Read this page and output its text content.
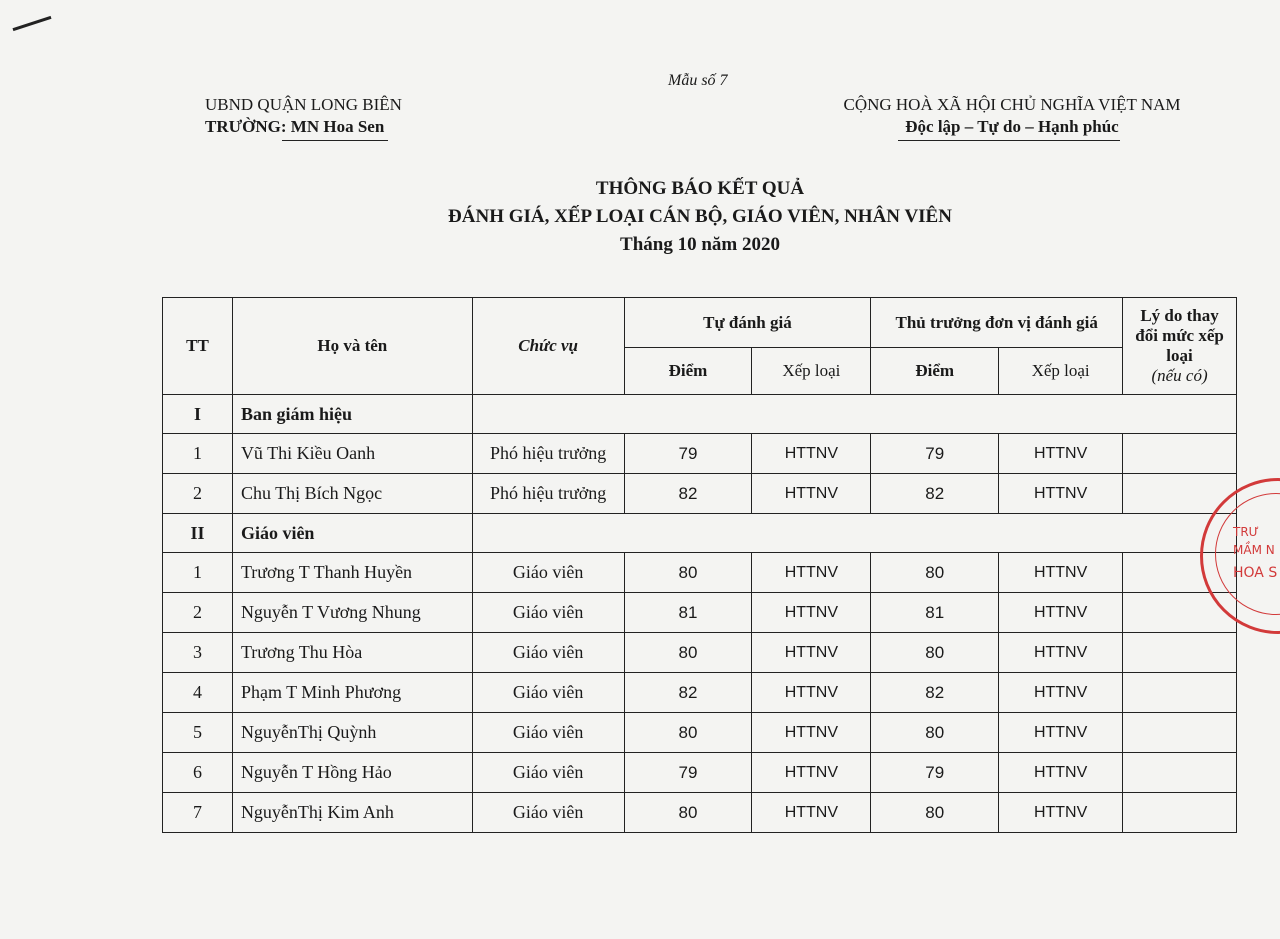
Mẫu số 7
UBND QUẬN LONG BIÊN
TRƯỜNG: MN Hoa Sen
CỘNG HOÀ XÃ HỘI CHỦ NGHĨA VIỆT NAM
Độc lập – Tự do – Hạnh phúc
THÔNG BÁO KẾT QUẢ
ĐÁNH GIÁ, XẾP LOẠI CÁN BỘ, GIÁO VIÊN, NHÂN VIÊN
Tháng 10 năm 2020
TT	Họ và tên	Chức vụ	Tự đánh giá		Thủ trưởng đơn vị đánh giá		Lý do thay đổi mức xếp loại
(nếu có)

			Điểm	Xếp loại	Điểm	Xếp loại	
I	Ban giám hiệu						
1	Vũ Thi Kiều Oanh	Phó hiệu trưởng	79	HTTNV	79	HTTNV	
2	Chu Thị Bích Ngọc	Phó hiệu trưởng	82	HTTNV	82	HTTNV	
II	Giáo viên						
1	Trương T Thanh Huyền	Giáo viên	80	HTTNV	80	HTTNV	
2	Nguyễn T Vương Nhung	Giáo viên	81	HTTNV	81	HTTNV	
3	Trương Thu Hòa	Giáo viên	80	HTTNV	80	HTTNV	
4	Phạm T Minh Phương	Giáo viên	82	HTTNV	82	HTTNV	
5	NguyễnThị Quỳnh	Giáo viên	80	HTTNV	80	HTTNV	
6	Nguyễn T Hồng Hảo	Giáo viên	79	HTTNV	79	HTTNV	
7	NguyễnThị Kim Anh	Giáo viên	80	HTTNV	80	HTTNV	
TRƯ
MẦM N
HOA S
